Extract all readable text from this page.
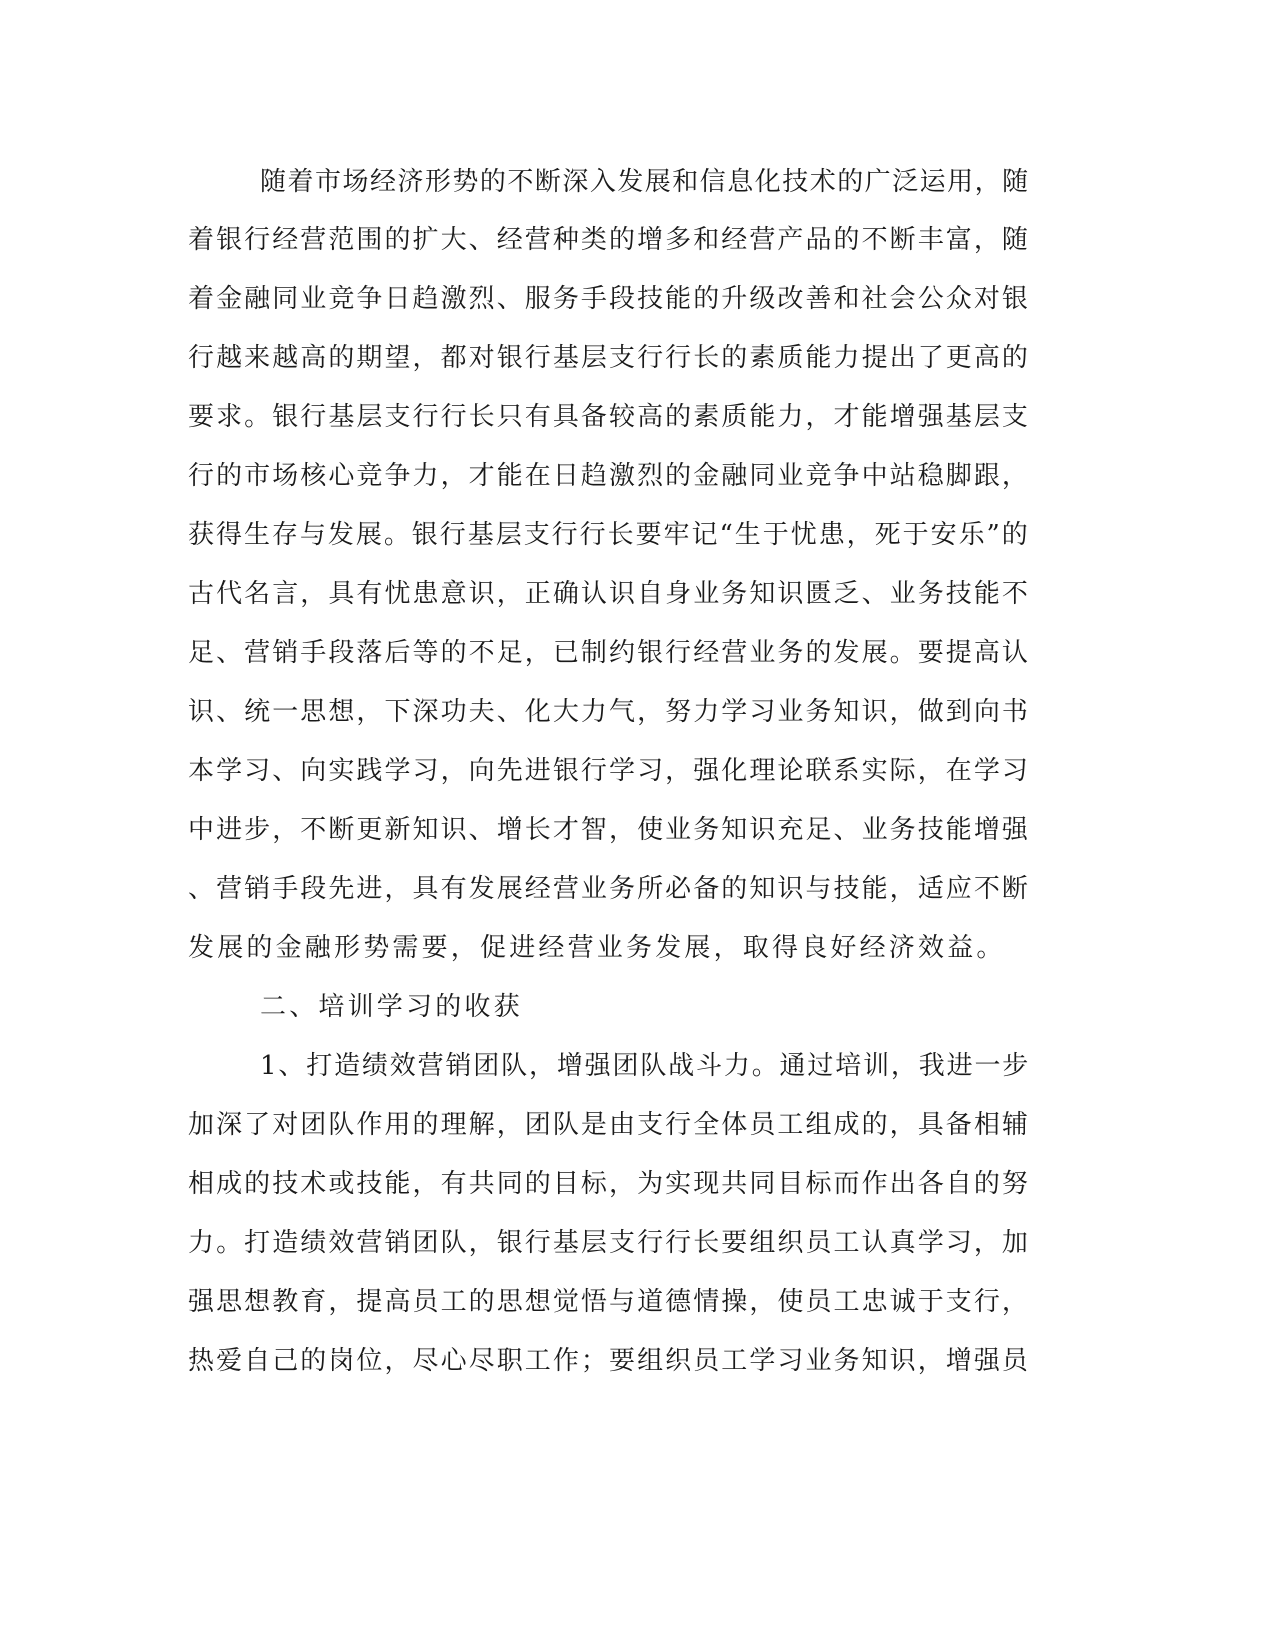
随着市场经济形势的不断深入发展和信息化技术的广泛运用，随
着银行经营范围的扩大、经营种类的增多和经营产品的不断丰富，随
着金融同业竞争日趋激烈、服务手段技能的升级改善和社会公众对银
行越来越高的期望，都对银行基层支行行长的素质能力提出了更高的
要求。银行基层支行行长只有具备较高的素质能力，才能增强基层支
行的市场核心竞争力，才能在日趋激烈的金融同业竞争中站稳脚跟，
获得生存与发展。银行基层支行行长要牢记“生于忧患，死于安乐”的
古代名言，具有忧患意识，正确认识自身业务知识匮乏、业务技能不
足、营销手段落后等的不足，已制约银行经营业务的发展。要提高认
识、统一思想，下深功夫、化大力气，努力学习业务知识，做到向书
本学习、向实践学习，向先进银行学习，强化理论联系实际，在学习
中进步，不断更新知识、增长才智，使业务知识充足、业务技能增强
、营销手段先进，具有发展经营业务所必备的知识与技能，适应不断
发展的金融形势需要，促进经营业务发展，取得良好经济效益。
二、培训学习的收获
1、打造绩效营销团队，增强团队战斗力。通过培训，我进一步
加深了对团队作用的理解，团队是由支行全体员工组成的，具备相辅
相成的技术或技能，有共同的目标，为实现共同目标而作出各自的努
力。打造绩效营销团队，银行基层支行行长要组织员工认真学习，加
强思想教育，提高员工的思想觉悟与道德情操，使员工忠诚于支行，
热爱自己的岗位，尽心尽职工作；要组织员工学习业务知识，增强员
